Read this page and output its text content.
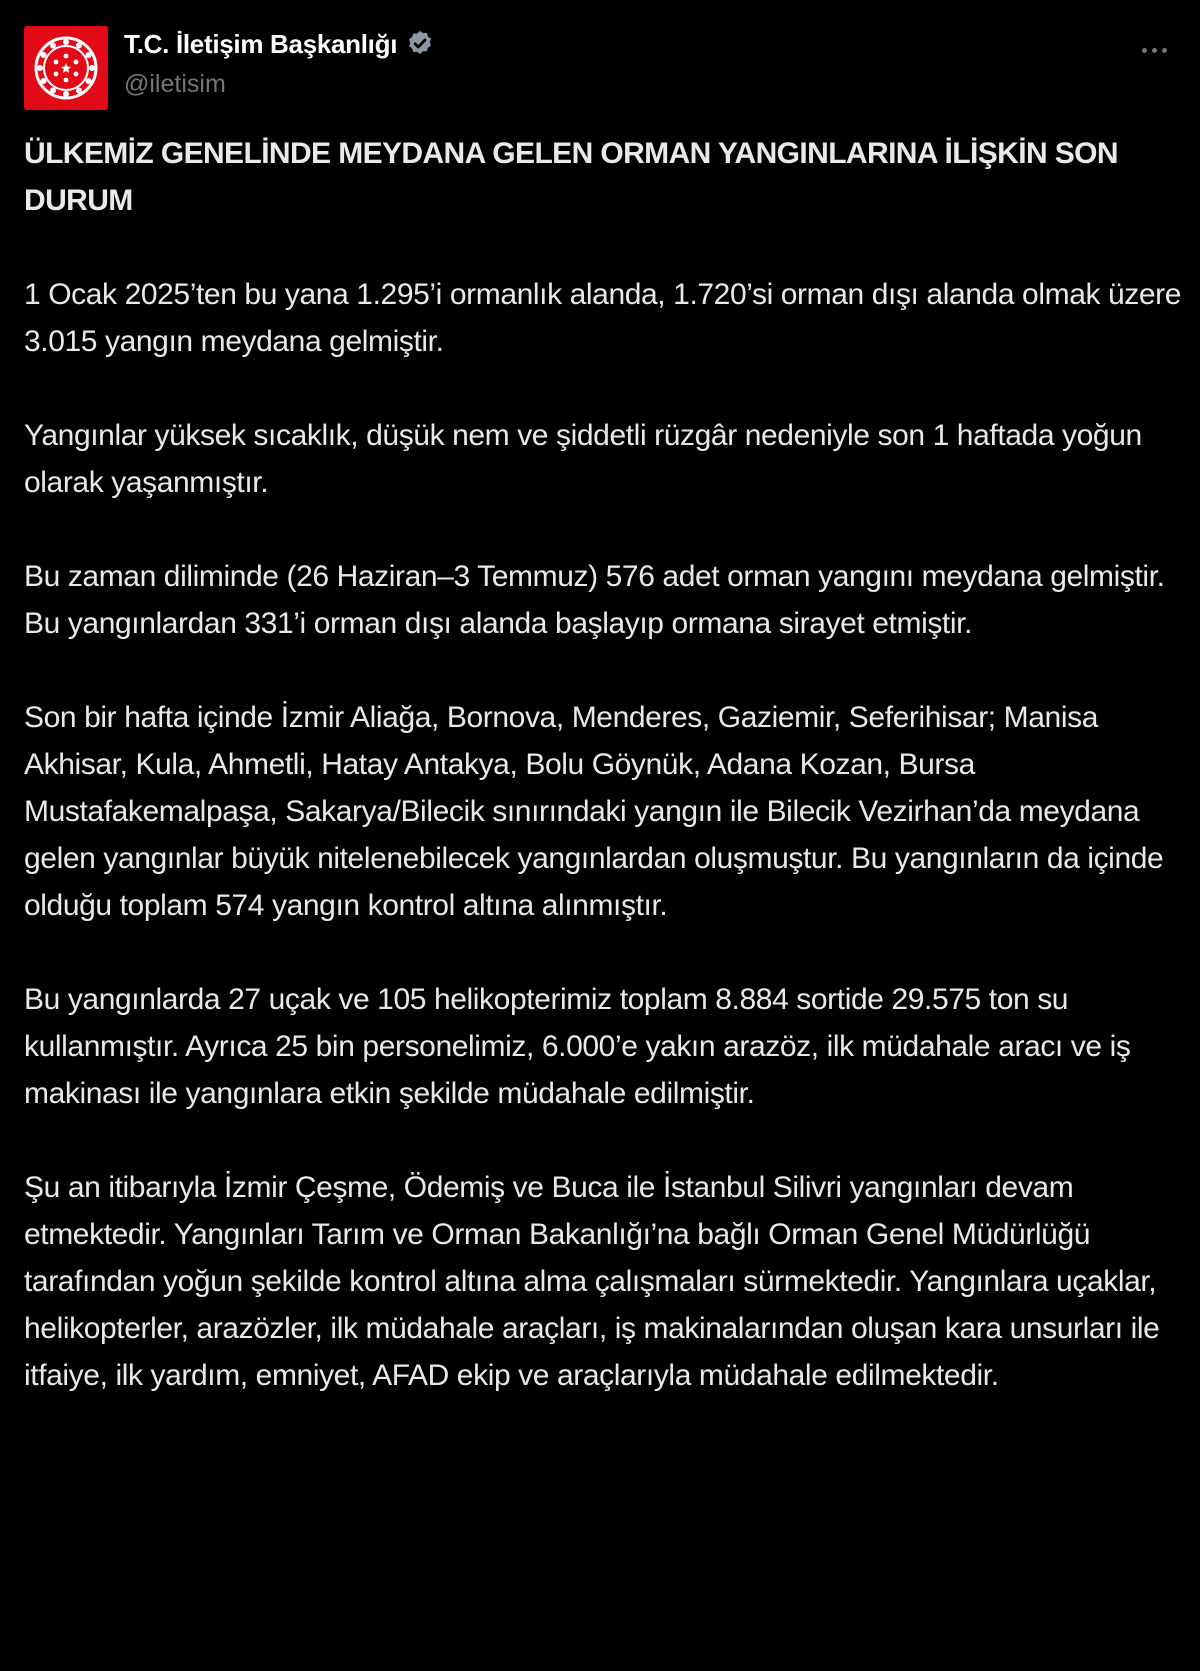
T.C. İletişim Başkanlığı
@iletisim

ÜLKEMİZ GENELİNDE MEYDANA GELEN ORMAN YANGINLARINA İLİŞKİN SON DURUM

1 Ocak 2025’ten bu yana 1.295’i ormanlık alanda, 1.720’si orman dışı alanda olmak üzere 3.015 yangın meydana gelmiştir.

Yangınlar yüksek sıcaklık, düşük nem ve şiddetli rüzgâr nedeniyle son 1 haftada yoğun olarak yaşanmıştır.

Bu zaman diliminde (26 Haziran–3 Temmuz) 576 adet orman yangını meydana gelmiştir. Bu yangınlardan 331’i orman dışı alanda başlayıp ormana sirayet etmiştir.

Son bir hafta içinde İzmir Aliağa, Bornova, Menderes, Gaziemir, Seferihisar; Manisa Akhisar, Kula, Ahmetli, Hatay Antakya, Bolu Göynük, Adana Kozan, Bursa Mustafakemalpaşa, Sakarya/Bilecik sınırındaki yangın ile Bilecik Vezirhan’da meydana gelen yangınlar büyük nitelenebilecek yangınlardan oluşmuştur. Bu yangınların da içinde olduğu toplam 574 yangın kontrol altına alınmıştır.

Bu yangınlarda 27 uçak ve 105 helikopterimiz toplam 8.884 sortide 29.575 ton su kullanmıştır. Ayrıca 25 bin personelimiz, 6.000’e yakın arazöz, ilk müdahale aracı ve iş makinası ile yangınlara etkin şekilde müdahale edilmiştir.

Şu an itibarıyla İzmir Çeşme, Ödemiş ve Buca ile İstanbul Silivri yangınları devam etmektedir. Yangınları Tarım ve Orman Bakanlığı’na bağlı Orman Genel Müdürlüğü tarafından yoğun şekilde kontrol altına alma çalışmaları sürmektedir. Yangınlara uçaklar, helikopterler, arazözler, ilk müdahale araçları, iş makinalarından oluşan kara unsurları ile itfaiye, ilk yardım, emniyet, AFAD ekip ve araçlarıyla müdahale edilmektedir.
